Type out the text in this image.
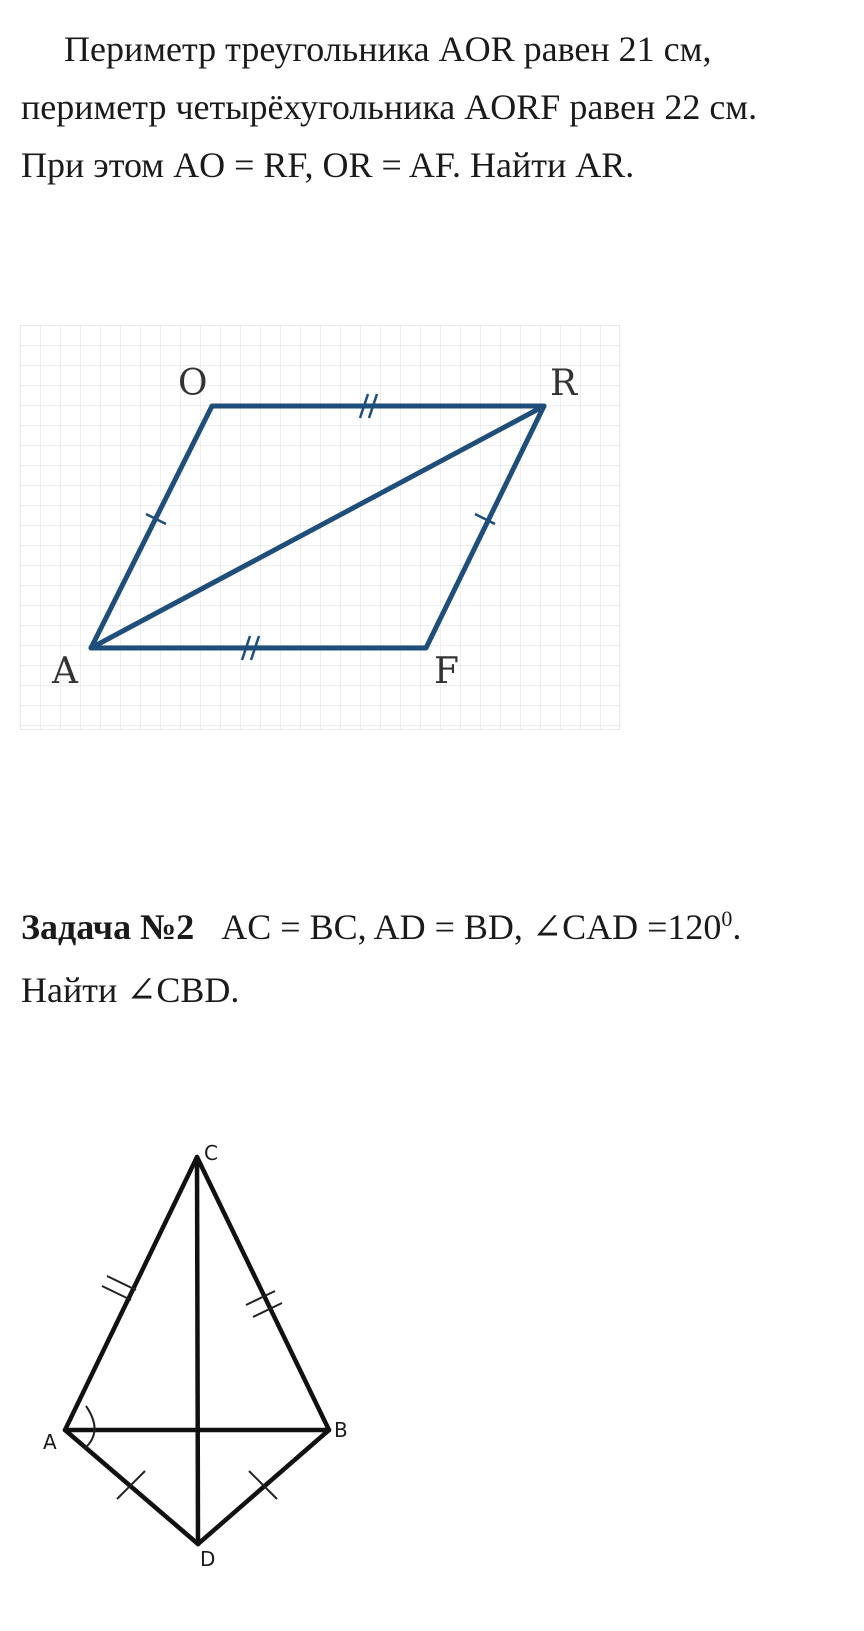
Периметр треугольника AOR равен 21 см,
периметр четырёхугольника AORF равен 22 см.
При этом AO = RF, OR = AF. Найти AR.
O	R
A	F
Задача №2 AC = BC, AD = BD, ∠CAD $=120^0$.
Найти ∠CBD.
C
A	B
D
